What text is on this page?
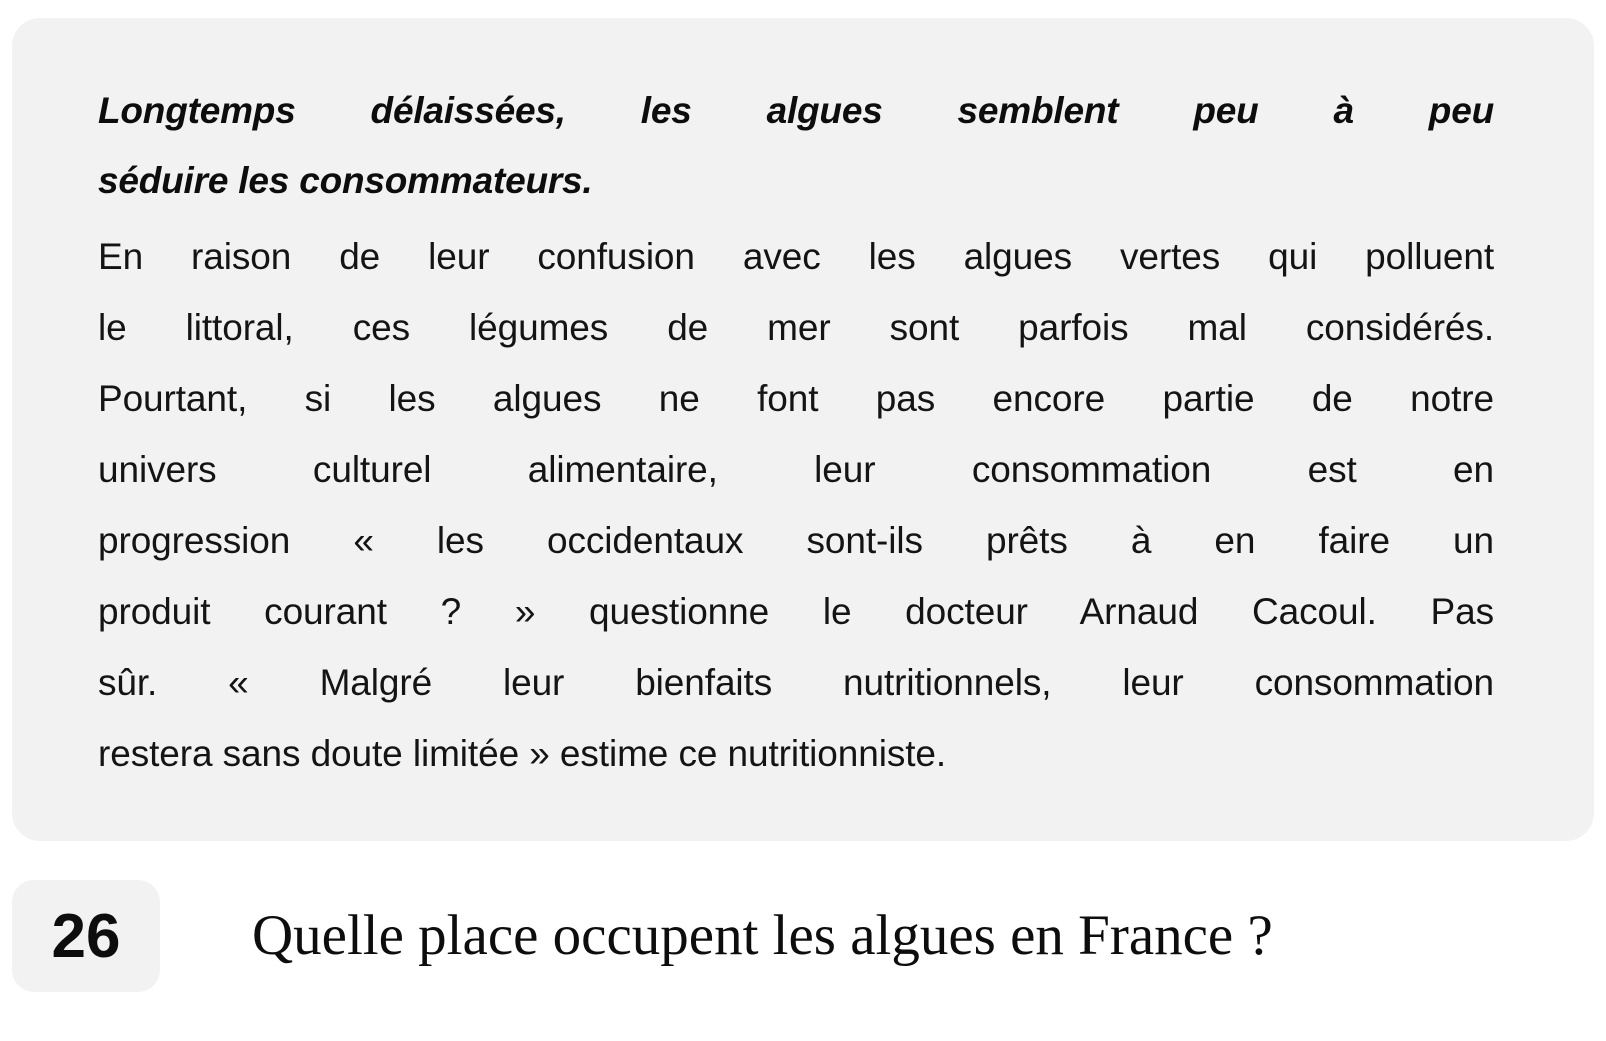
Longtemps délaissées, les algues semblent peu à peu
séduire les consommateurs.

En raison de leur confusion avec les algues vertes qui polluent
le littoral, ces légumes de mer sont parfois mal considérés.
Pourtant, si les algues ne font pas encore partie de notre
univers culturel alimentaire, leur consommation est en
progression « les occidentaux sont-ils prêts à en faire un
produit courant ? » questionne le docteur Arnaud Cacoul. Pas
sûr. « Malgré leur bienfaits nutritionnels, leur consommation
restera sans doute limitée » estime ce nutritionniste.

26	Quelle place occupent les algues en France ?
